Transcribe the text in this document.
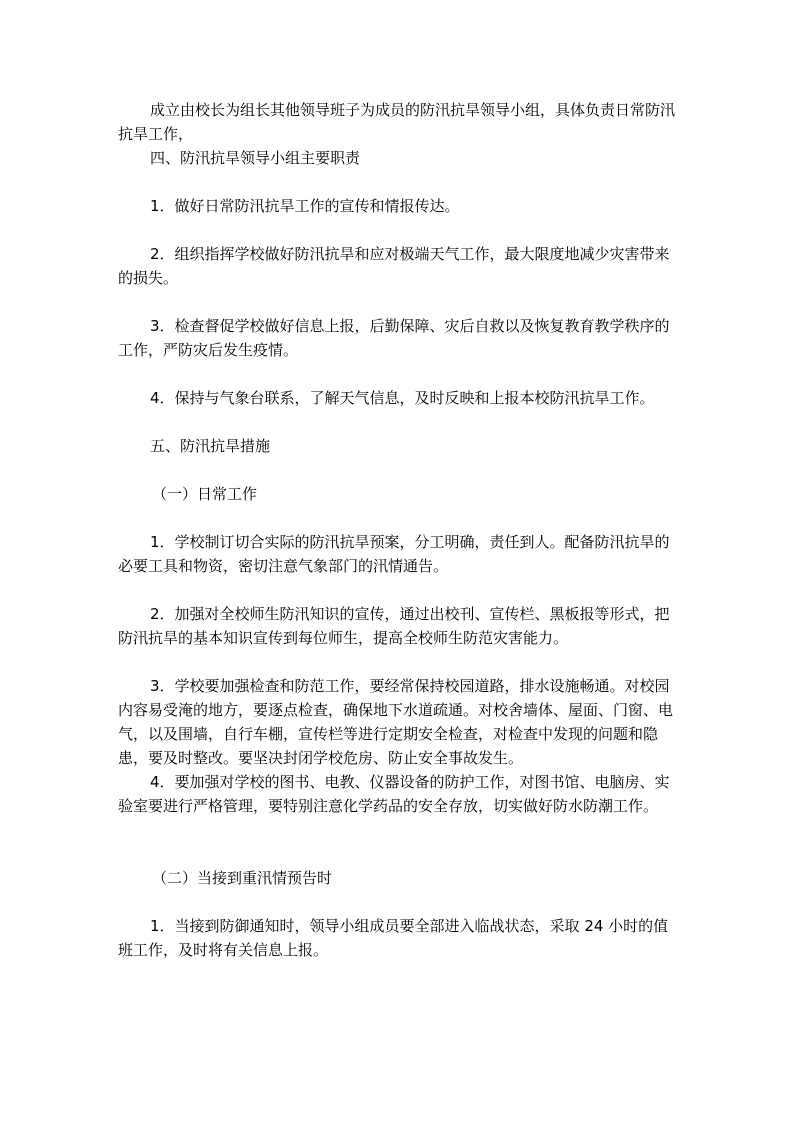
成立由校长为组长其他领导班子为成员的防汛抗旱领导小组，具体负责日常防汛抗旱工作，

四、防汛抗旱领导小组主要职责

1．做好日常防汛抗旱工作的宣传和情报传达。

2．组织指挥学校做好防汛抗旱和应对极端天气工作，最大限度地减少灾害带来的损失。

3．检查督促学校做好信息上报，后勤保障、灾后自救以及恢复教育教学秩序的工作，严防灾后发生疫情。

4．保持与气象台联系，了解天气信息，及时反映和上报本校防汛抗旱工作。

五、防汛抗旱措施

（一）日常工作

1．学校制订切合实际的防汛抗旱预案，分工明确，责任到人。配备防汛抗旱的必要工具和物资，密切注意气象部门的汛情通告。

2．加强对全校师生防汛知识的宣传，通过出校刊、宣传栏、黑板报等形式，把防汛抗旱的基本知识宣传到每位师生，提高全校师生防范灾害能力。

3．学校要加强检查和防范工作，要经常保持校园道路，排水设施畅通。对校园内容易受淹的地方，要逐点检查，确保地下水道疏通。对校舍墙体、屋面、门窗、电气，以及围墙，自行车棚，宣传栏等进行定期安全检查，对检查中发现的问题和隐患，要及时整改。要坚决封闭学校危房、防止安全事故发生。

4．要加强对学校的图书、电教、仪器设备的防护工作，对图书馆、电脑房、实验室要进行严格管理，要特别注意化学药品的安全存放，切实做好防水防潮工作。

（二）当接到重汛情预告时

1．当接到防御通知时，领导小组成员要全部进入临战状态，采取 24 小时的值班工作，及时将有关信息上报。
